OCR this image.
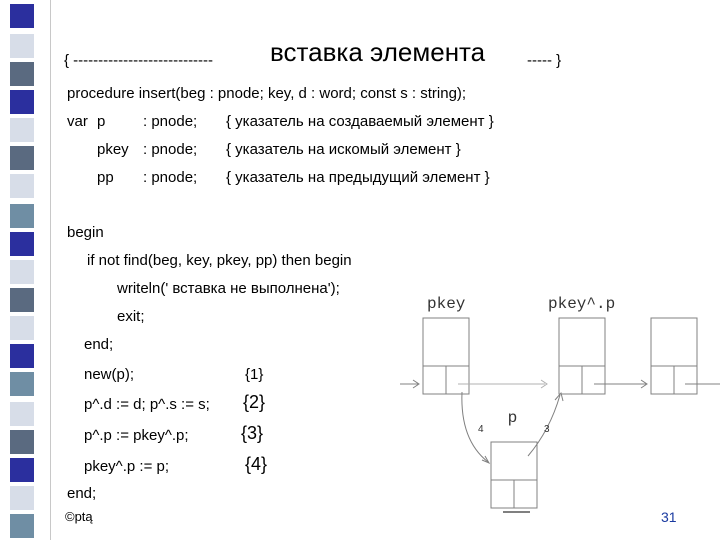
{ ---------------------------- вставка элемента	----- }
procedure insert(beg : pnode; key, d : word; const s : string);
var p	: pnode; { указатель на создаваемый элемент }
pkey : pnode; { указатель на искомый элемент }
pp : pnode; { указатель на предыдущий элемент }
begin
if not find(beg, key, pkey, pp) then begin
writeln(' вставка не выполнена');
exit;
end;
new(p);	{1}
p^.d := d; p^.s := s; {2}
p^.p := pkey^.p;	{3}
pkey^.p := p;	{4}
end;
©ptą	31
pkey	pkey^.p
p
4	3
